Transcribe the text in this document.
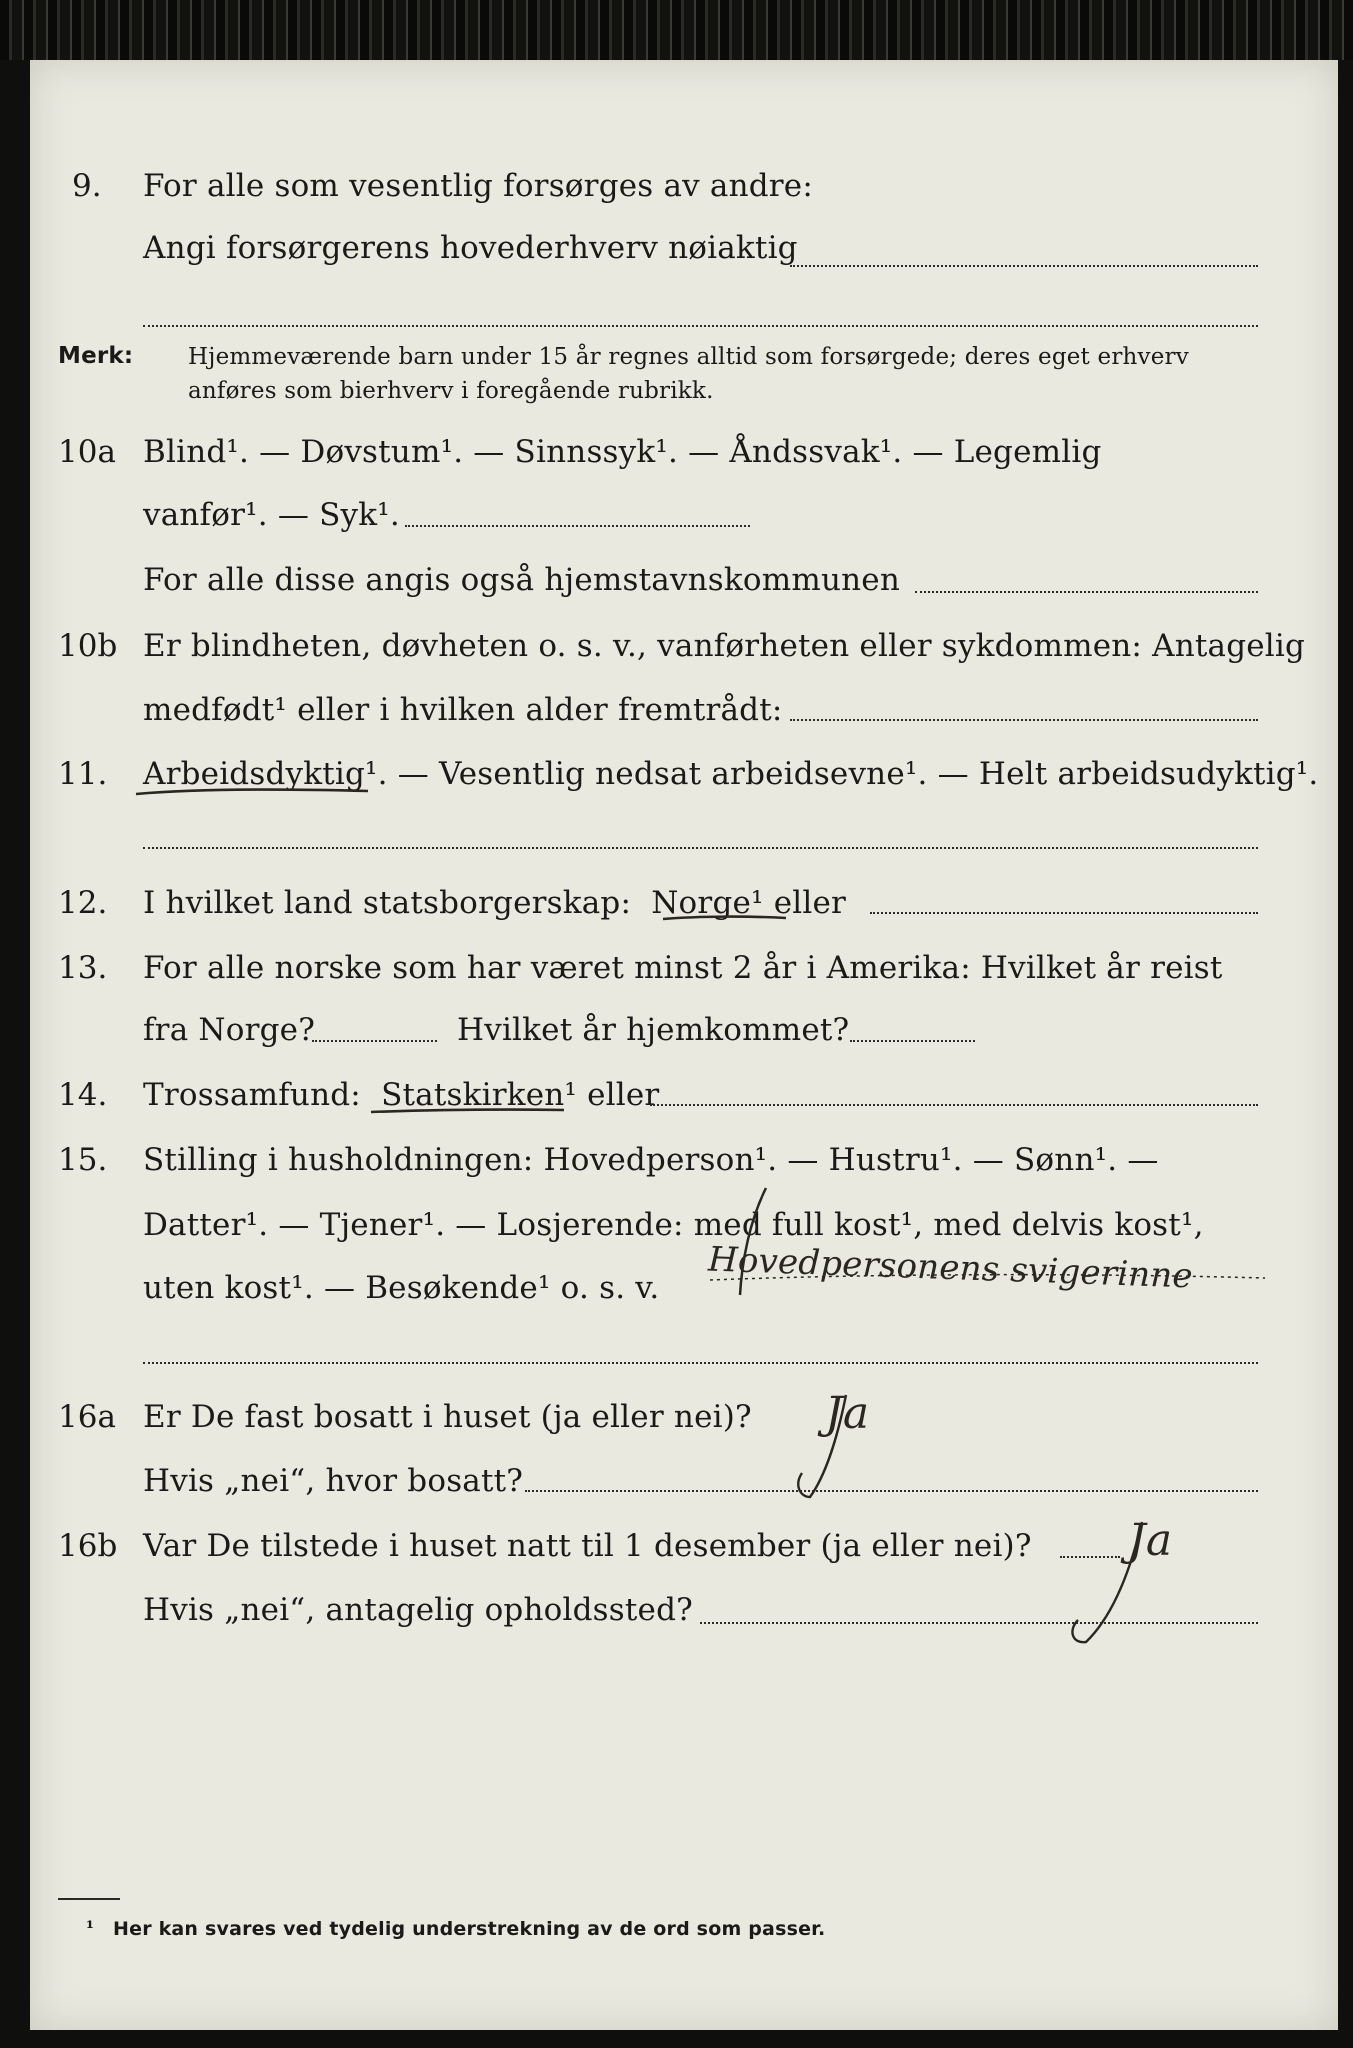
9. For alle som vesentlig forsørges av andre:
Angi forsørgerens hovederhverv nøiaktig
Merk: Hjemmeværende barn under 15 år regnes alltid som forsørgede; deres eget erhverv
anføres som bierhverv i foregående rubrikk.
10a Blind¹. — Døvstum¹. — Sinnssyk¹. — Åndssvak¹. — Legemlig
vanfør¹. — Syk¹.
For alle disse angis også hjemstavnskommunen
10b Er blindheten, døvheten o. s. v., vanførheten eller sykdommen: Antagelig
medfødt¹ eller i hvilken alder fremtrådt:
11. Arbeidsdyktig¹. — Vesentlig nedsat arbeidsevne¹. — Helt arbeidsudyktig¹.
12. I hvilket land statsborgerskap: Norge¹ eller
13. For alle norske som har været minst 2 år i Amerika: Hvilket år reist
fra Norge?	Hvilket år hjemkommet?
14. Trossamfund: Statskirken¹ eller
15. Stilling i husholdningen: Hovedperson¹. — Hustru¹. — Sønn¹. —
Datter¹. — Tjener¹. — Losjerende: med full kost¹, med delvis kost¹,
uten kost¹. — Besøkende¹ o. s. v. Hovedpersonens svigerinne
16a Er De fast bosatt i huset (ja eller nei)? Ja
Hvis „nei“, hvor bosatt?
16b Var De tilstede i huset natt til 1 desember (ja eller nei)? Ja
Hvis „nei“, antagelig opholdssted?
¹ Her kan svares ved tydelig understrekning av de ord som passer.
